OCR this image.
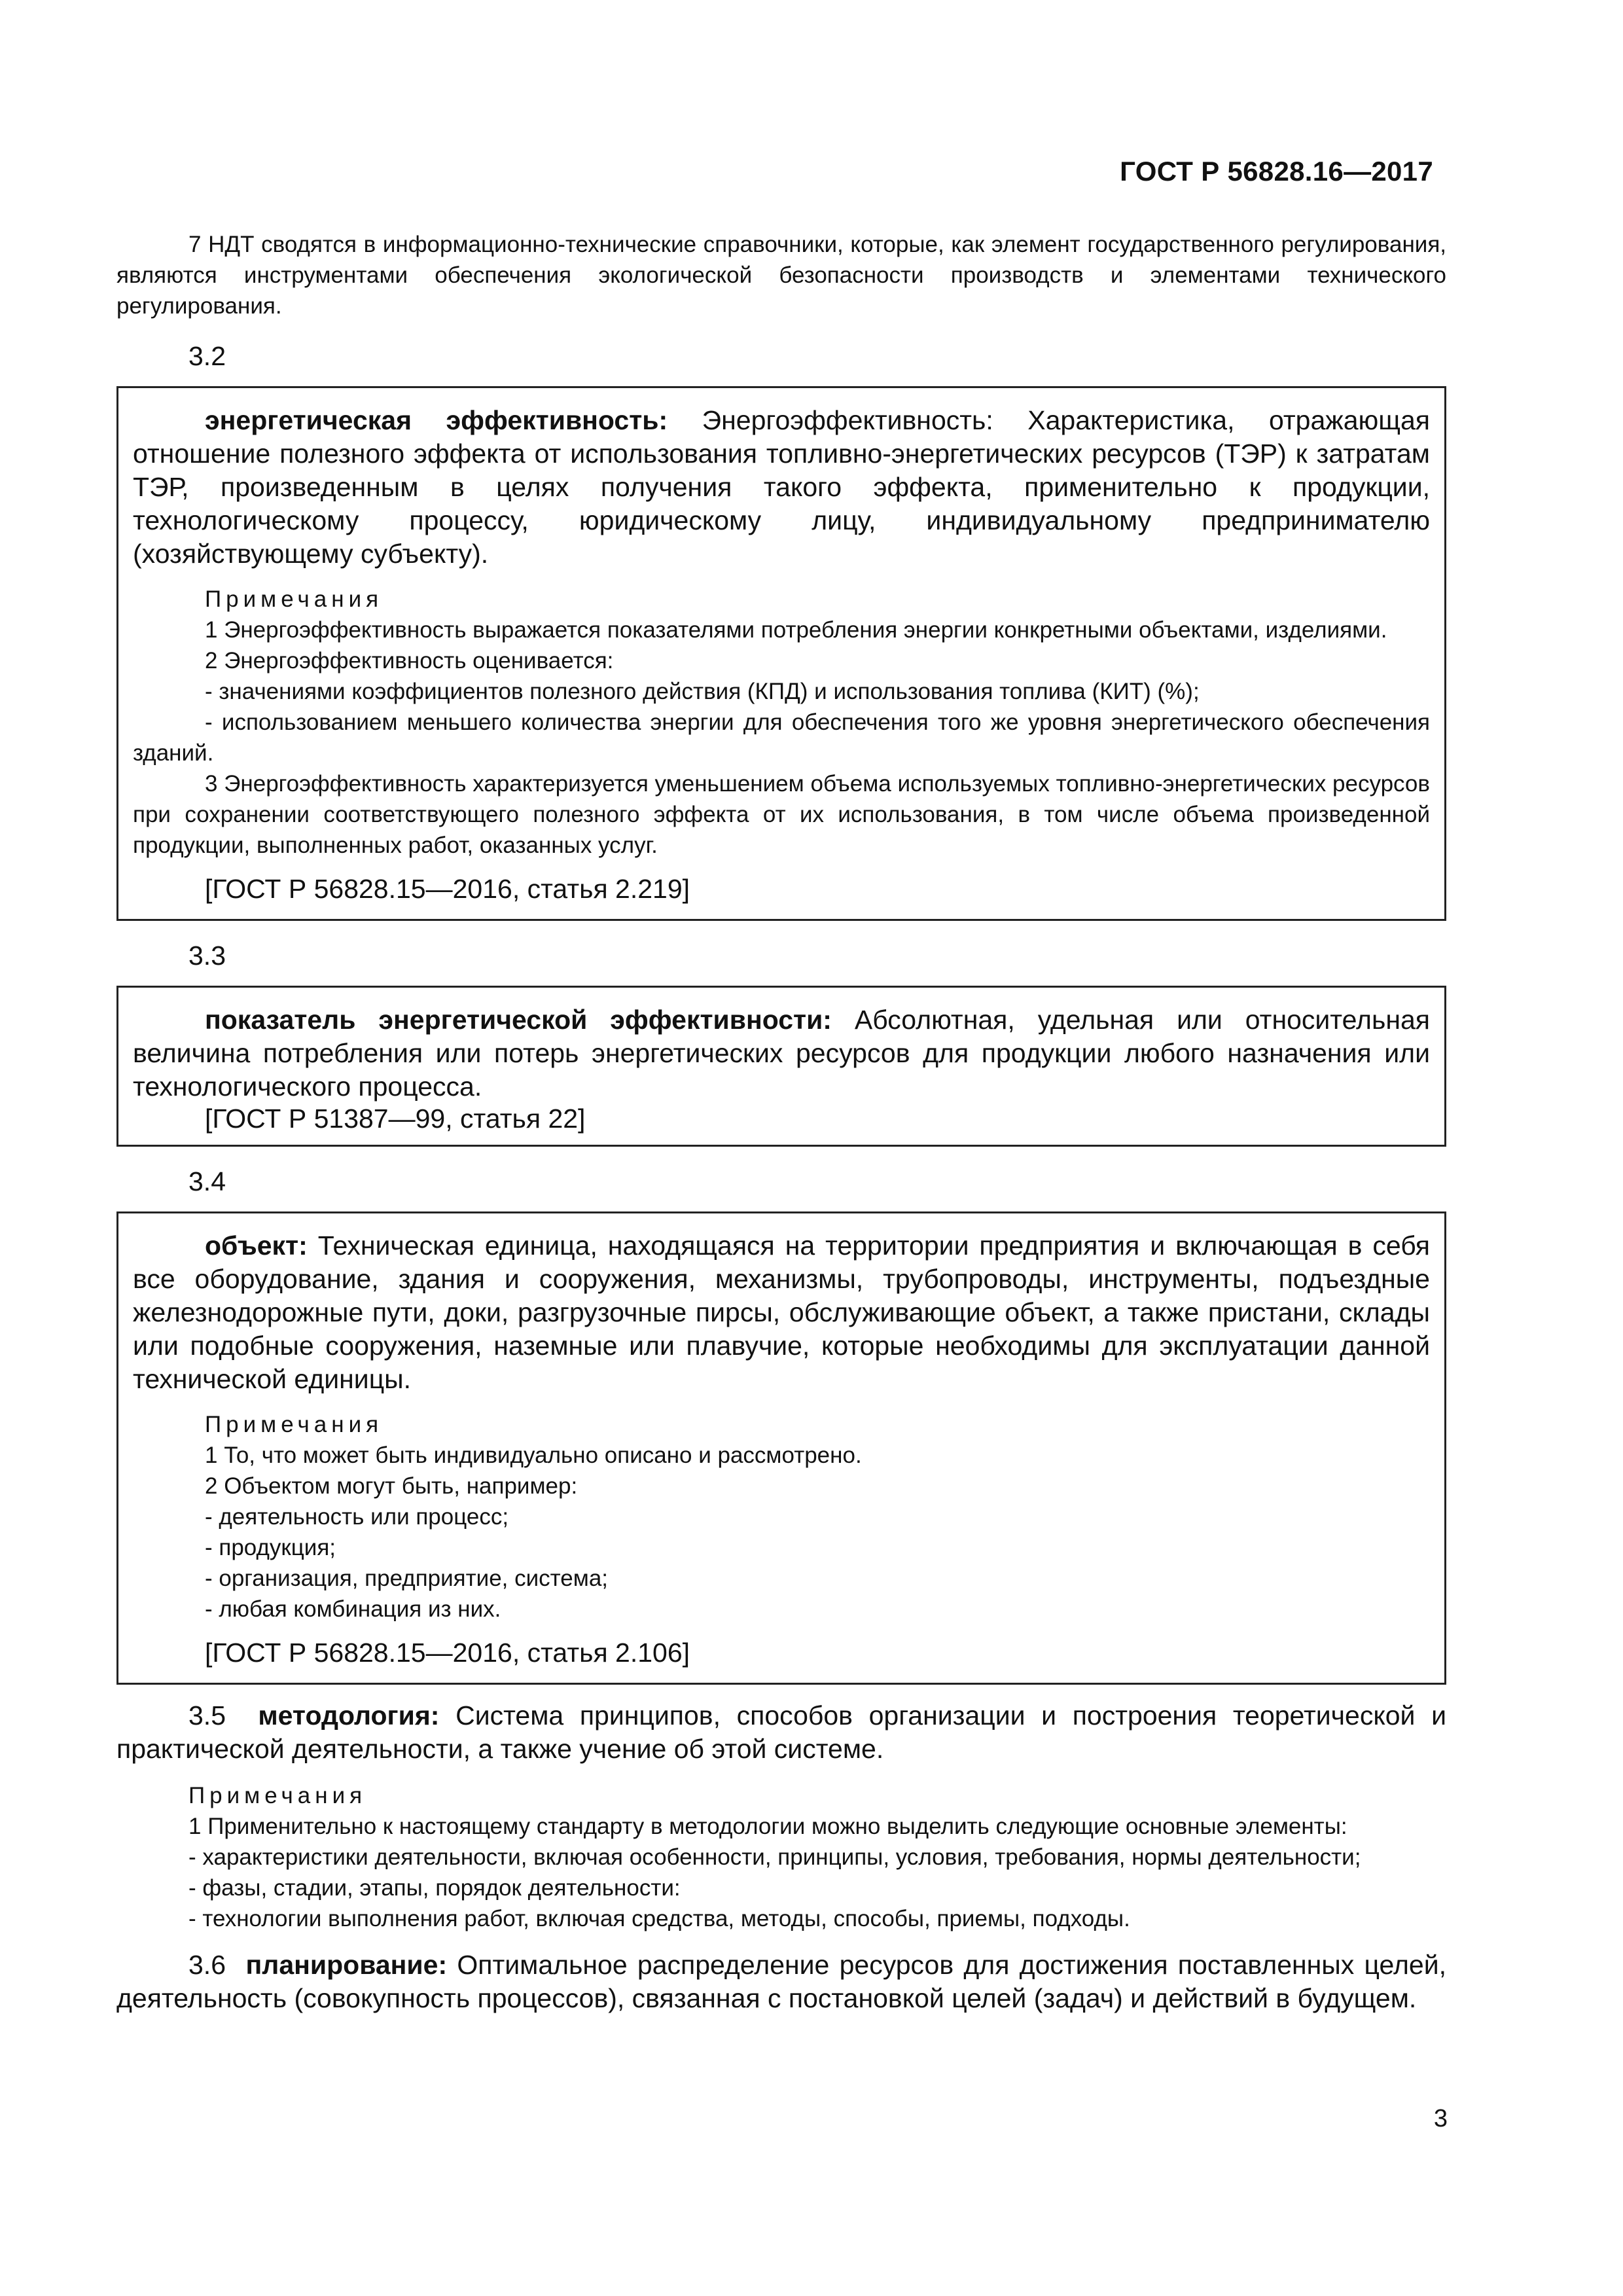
ГОСТ Р 56828.16—2017

7 НДТ сводятся в информационно-технические справочники, которые, как элемент государственного регулирования, являются инструментами обеспечения экологической безопасности производств и элементами технического регулирования.

3.2

энергетическая эффективность: Энергоэффективность: Характеристика, отражающая отношение полезного эффекта от использования топливно-энергетических ресурсов (ТЭР) к затратам ТЭР, произведенным в целях получения такого эффекта, применительно к продукции, технологическому процессу, юридическому лицу, индивидуальному предпринимателю (хозяйствующему субъекту).

Примечания

1 Энергоэффективность выражается показателями потребления энергии конкретными объектами, изделиями.

2 Энергоэффективность оценивается:

- значениями коэффициентов полезного действия (КПД) и использования топлива (КИТ) (%);

- использованием меньшего количества энергии для обеспечения того же уровня энергетического обеспечения зданий.

3 Энергоэффективность характеризуется уменьшением объема используемых топливно-энергетических ресурсов при сохранении соответствующего полезного эффекта от их использования, в том числе объема произведенной продукции, выполненных работ, оказанных услуг.

[ГОСТ Р 56828.15—2016, статья 2.219]

3.3

показатель энергетической эффективности: Абсолютная, удельная или относительная величина потребления или потерь энергетических ресурсов для продукции любого назначения или технологического процесса.

[ГОСТ Р 51387—99, статья 22]

3.4

объект: Техническая единица, находящаяся на территории предприятия и включающая в себя все оборудование, здания и сооружения, механизмы, трубопроводы, инструменты, подъездные железнодорожные пути, доки, разгрузочные пирсы, обслуживающие объект, а также пристани, склады или подобные сооружения, наземные или плавучие, которые необходимы для эксплуатации данной технической единицы.

Примечания

1 То, что может быть индивидуально описано и рассмотрено.

2 Объектом могут быть, например:

- деятельность или процесс;

- продукция;

- организация, предприятие, система;

- любая комбинация из них.

[ГОСТ Р 56828.15—2016, статья 2.106]

3.5 методология: Система принципов, способов организации и построения теоретической и практической деятельности, а также учение об этой системе.

Примечания

1 Применительно к настоящему стандарту в методологии можно выделить следующие основные элементы:

- характеристики деятельности, включая особенности, принципы, условия, требования, нормы деятельности;

- фазы, стадии, этапы, порядок деятельности:

- технологии выполнения работ, включая средства, методы, способы, приемы, подходы.

3.6 планирование: Оптимальное распределение ресурсов для достижения поставленных целей, деятельность (совокупность процессов), связанная с постановкой целей (задач) и действий в будущем.

3
